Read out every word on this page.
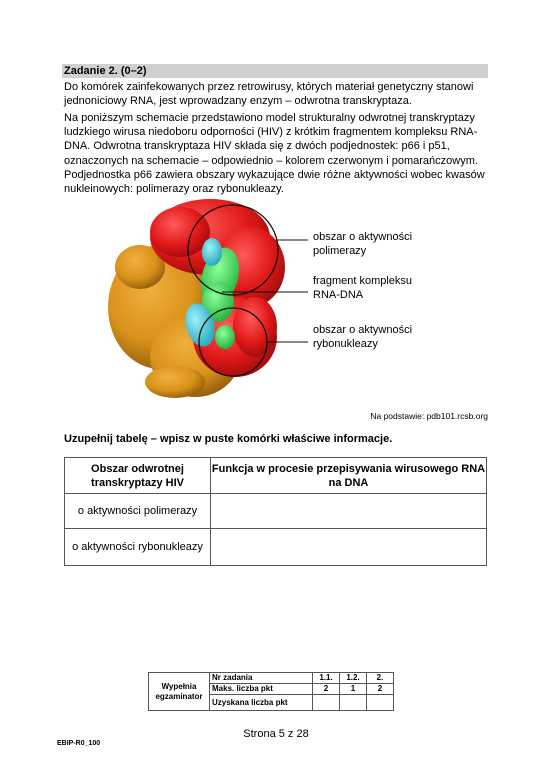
Zadanie 2. (0–2)

Do komórek zainfekowanych przez retrowirusy, których materiał genetyczny stanowi jednoniciowy RNA, jest wprowadzany enzym – odwrotna transkryptaza.

Na poniższym schemacie przedstawiono model strukturalny odwrotnej transkryptazy ludzkiego wirusa niedoboru odporności (HIV) z krótkim fragmentem kompleksu RNA-DNA. Odwrotna transkryptaza HIV składa się z dwóch podjednostek: p66 i p51, oznaczonych na schemacie – odpowiednio – kolorem czerwonym i pomarańczowym. Podjednostka p66 zawiera obszary wykazujące dwie różne aktywności wobec kwasów nukleinowych: polimerazy oraz rybonukleazy.

obszar o aktywności polimerazy
fragment kompleksu RNA-DNA
obszar o aktywności rybonukleazy
Na podstawie: pdb101.rcsb.org
Uzupełnij tabelę – wpisz w puste komórki właściwe informacje.
Obszar odwrotnej transkryptazy HIV	Funkcja w procesie przepisywania wirusowego RNA na DNA
o aktywności polimerazy	
o aktywności rybonukleazy	
Wypełnia egzaminator	Nr zadania	1.1.	1.2.	2.
	Maks. liczba pkt	2	1	2
	Uzyskana liczba pkt			
Strona 5 z 28
EBIP-R0_100
